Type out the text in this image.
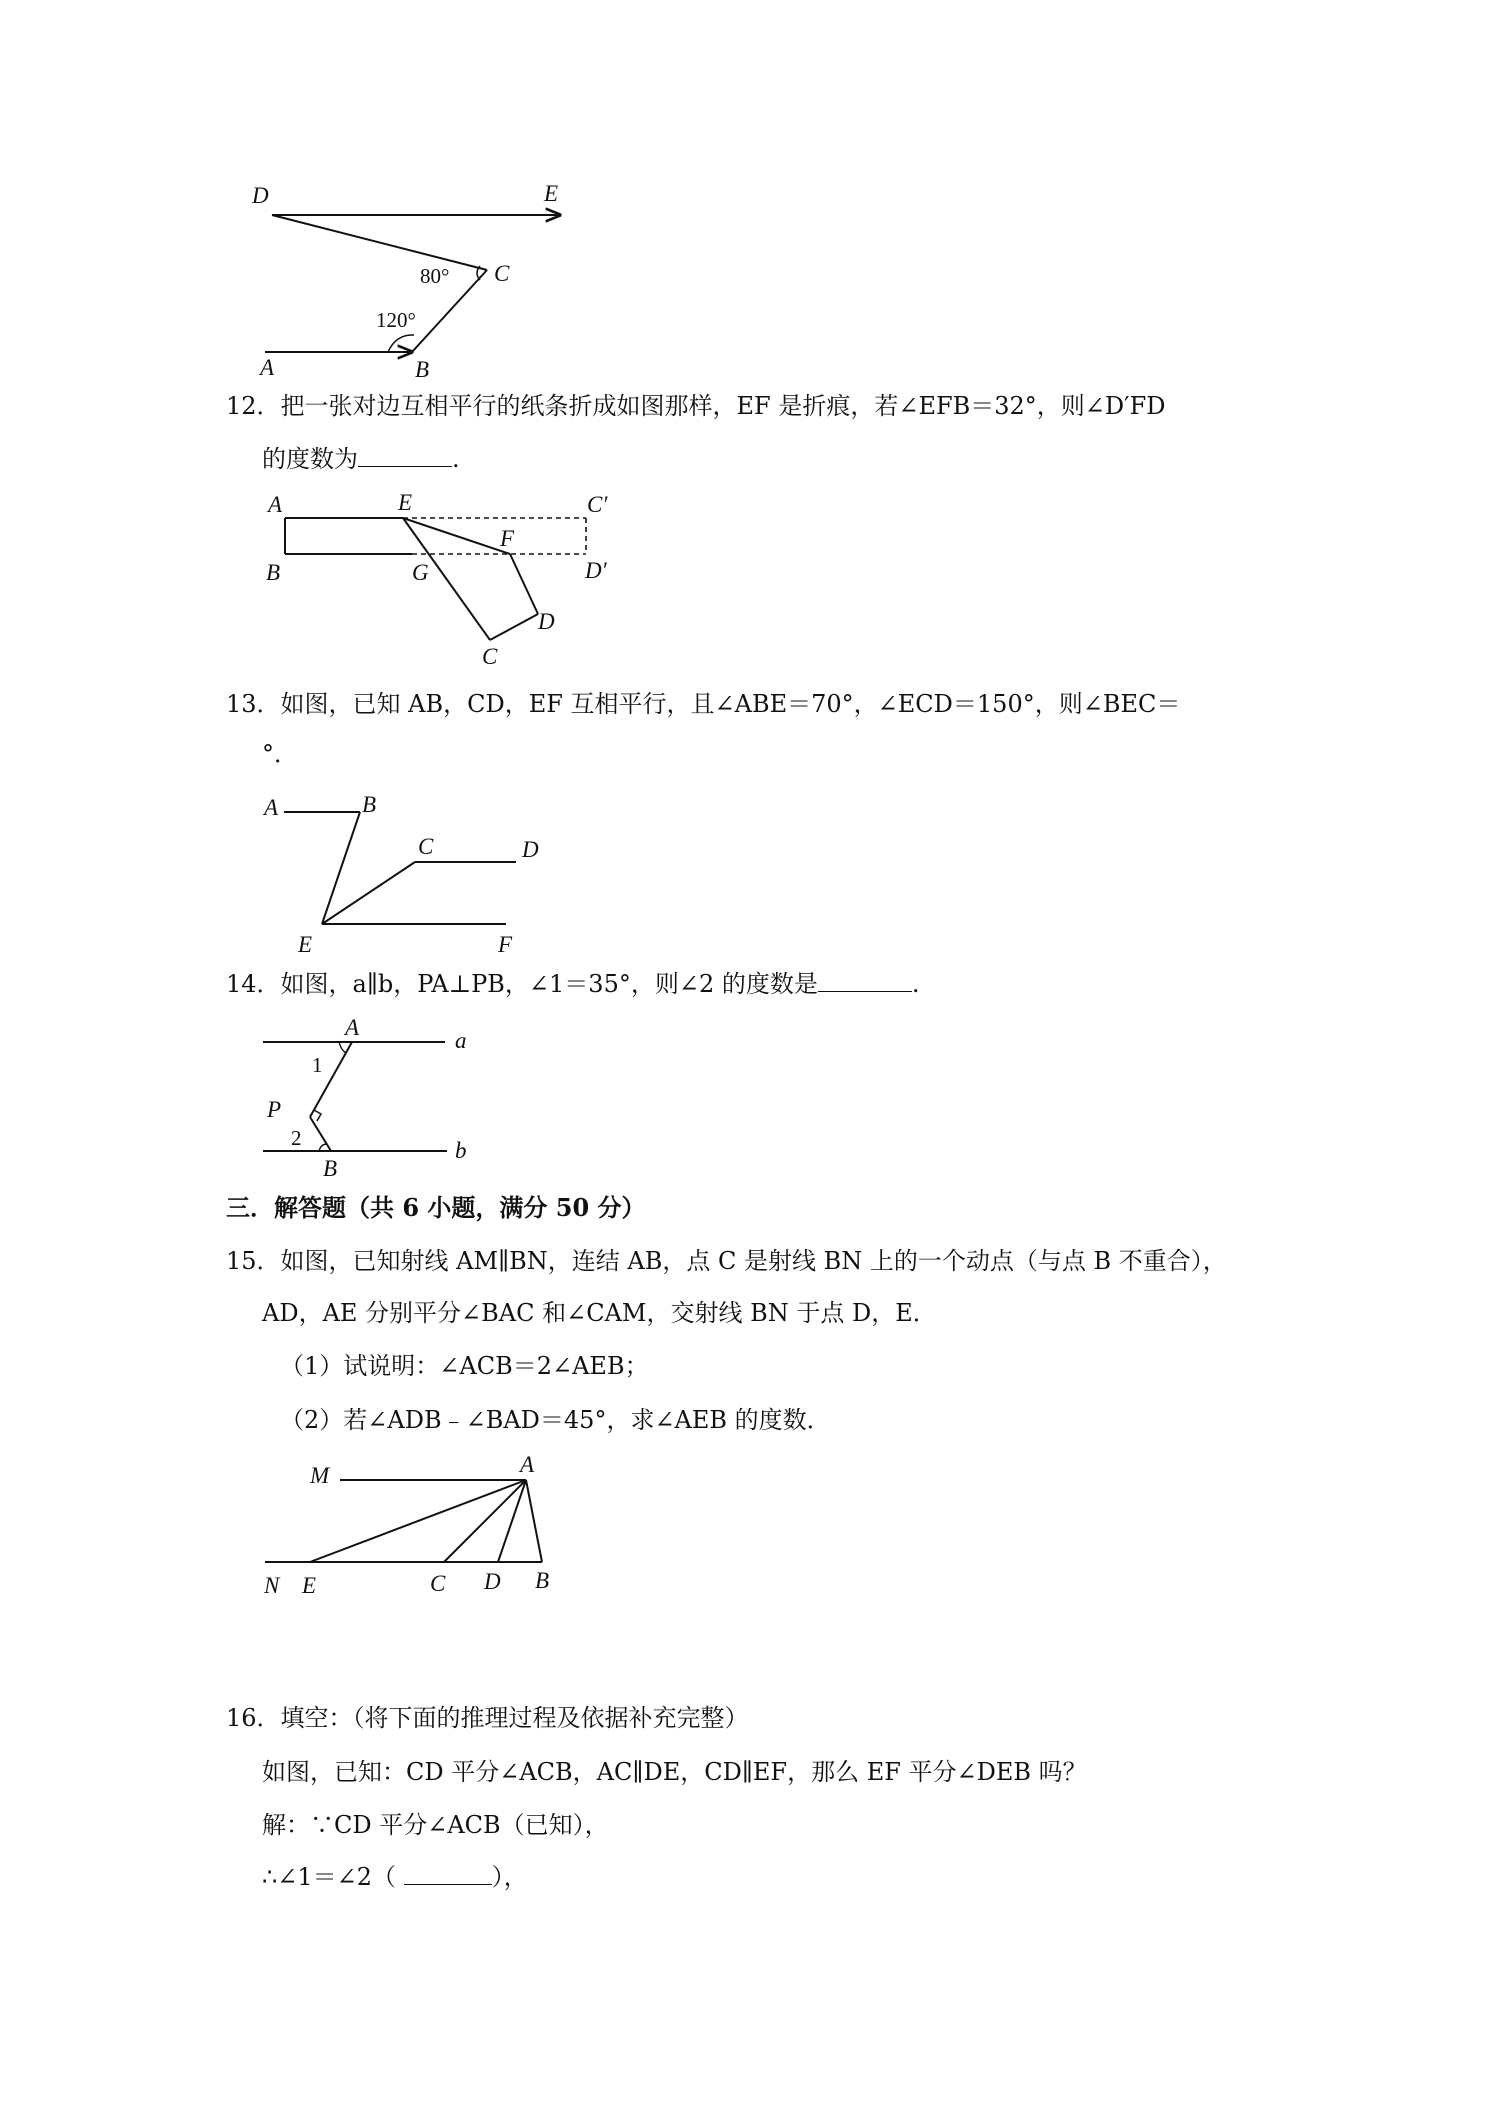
D	E
C
80°
120°
A	B
12．把一张对边互相平行的纸条折成如图那样，EF 是折痕，若∠EFB＝32°，则∠D′FD
的度数为	.
A	E	C′
B	G
F
D′
D
C
13．如图，已知 AB，CD，EF 互相平行，且∠ABE＝70°，∠ECD＝150°，则∠BEC＝
°．
A	B
C	D
E	F
14．如图，a∥b，PA⊥PB，∠1＝35°，则∠2 的度数是	.
A
a
1
P
2
B
b
三．解答题（共 6 小题，满分 50 分）
15．如图，已知射线 AM∥BN，连结 AB，点 C 是射线 BN 上的一个动点（与点 B 不重合），
AD，AE 分别平分∠BAC 和∠CAM，交射线 BN 于点 D，E．
（1）试说明：∠ACB＝2∠AEB；
（2）若∠ADB﹣∠BAD＝45°，求∠AEB 的度数．
M	A
N E	C D B
16．填空：（将下面的推理过程及依据补充完整）
如图，已知：CD 平分∠ACB，AC∥DE，CD∥EF，那么 EF 平分∠DEB 吗？
解：∵CD 平分∠ACB（已知），
∴∠1＝∠2（	），
